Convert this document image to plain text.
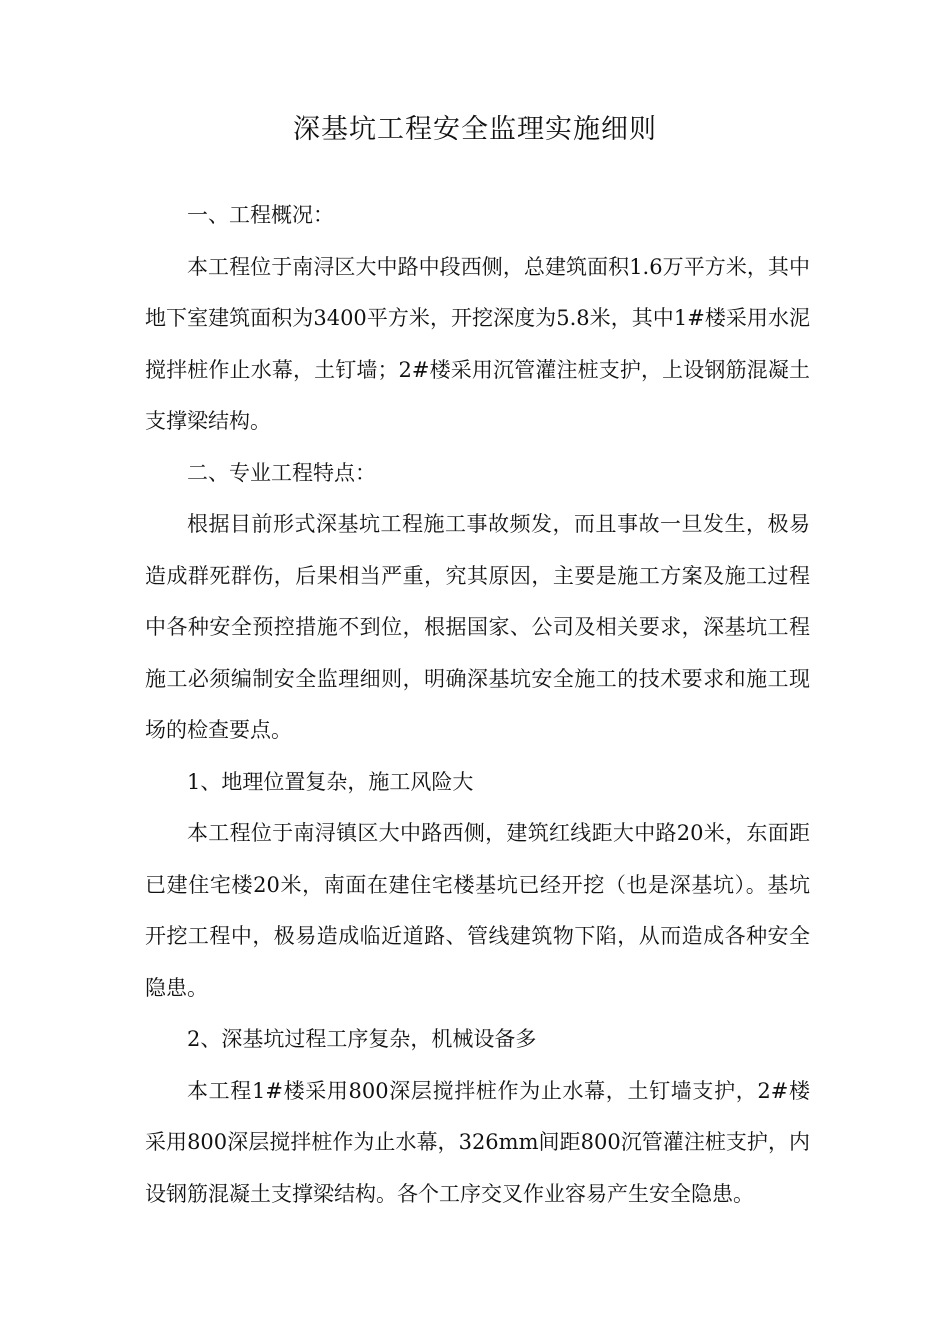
深基坑工程安全监理实施细则

一、工程概况：

本工程位于南浔区大中路中段西侧，总建筑面积1.6万平方米，其中地下室建筑面积为3400平方米，开挖深度为5.8米，其中1#楼采用水泥搅拌桩作止水幕，土钉墙；2#楼采用沉管灌注桩支护，上设钢筋混凝土支撑梁结构。

二、专业工程特点：

根据目前形式深基坑工程施工事故频发，而且事故一旦发生，极易造成群死群伤，后果相当严重，究其原因，主要是施工方案及施工过程中各种安全预控措施不到位，根据国家、公司及相关要求，深基坑工程施工必须编制安全监理细则，明确深基坑安全施工的技术要求和施工现场的检查要点。

1、地理位置复杂，施工风险大

本工程位于南浔镇区大中路西侧，建筑红线距大中路20米，东面距已建住宅楼20米，南面在建住宅楼基坑已经开挖（也是深基坑）。基坑开挖工程中，极易造成临近道路、管线建筑物下陷，从而造成各种安全隐患。

2、深基坑过程工序复杂，机械设备多

本工程1#楼采用800深层搅拌桩作为止水幕，土钉墙支护，2#楼采用800深层搅拌桩作为止水幕，326mm间距800沉管灌注桩支护，内设钢筋混凝土支撑梁结构。各个工序交叉作业容易产生安全隐患。
